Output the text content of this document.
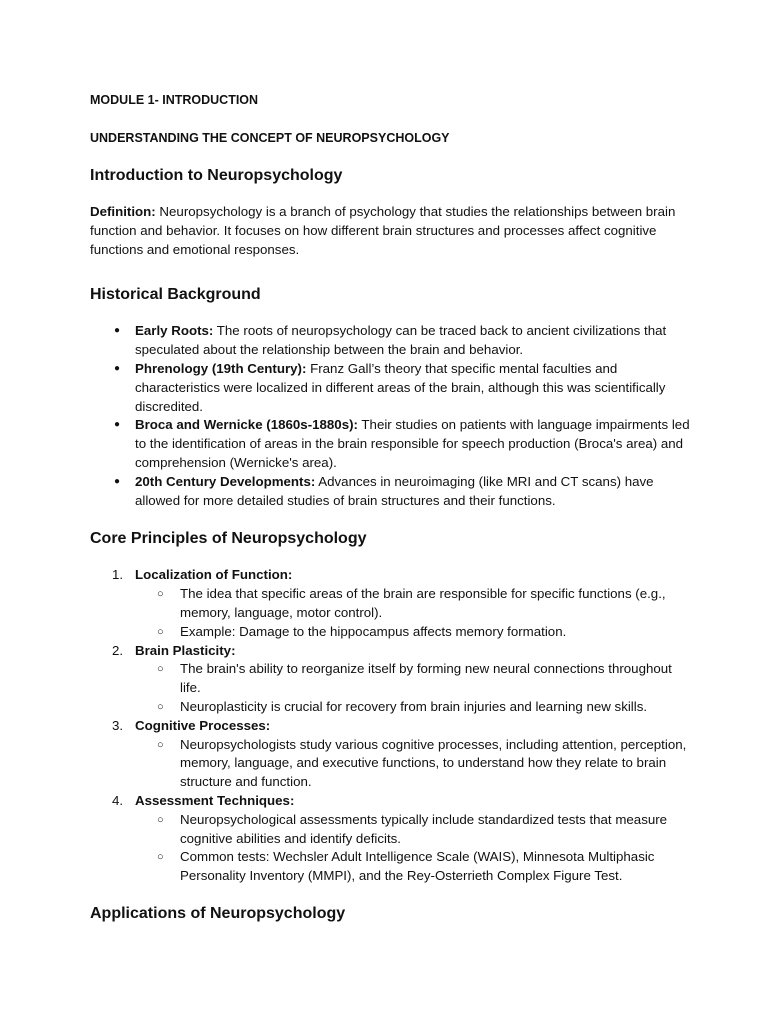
MODULE 1- INTRODUCTION

UNDERSTANDING THE CONCEPT OF NEUROPSYCHOLOGY

Introduction to Neuropsychology

Definition: Neuropsychology is a branch of psychology that studies the relationships between brain function and behavior. It focuses on how different brain structures and processes affect cognitive functions and emotional responses.

Historical Background
● Early Roots: The roots of neuropsychology can be traced back to ancient civilizations that speculated about the relationship between the brain and behavior.
● Phrenology (19th Century): Franz Gall’s theory that specific mental faculties and characteristics were localized in different areas of the brain, although this was scientifically discredited.
● Broca and Wernicke (1860s-1880s): Their studies on patients with language impairments led to the identification of areas in the brain responsible for speech production (Broca's area) and comprehension (Wernicke's area).
● 20th Century Developments: Advances in neuroimaging (like MRI and CT scans) have allowed for more detailed studies of brain structures and their functions.
Core Principles of Neuropsychology
1. Localization of Function:
○ The idea that specific areas of the brain are responsible for specific functions (e.g., memory, language, motor control).
○ Example: Damage to the hippocampus affects memory formation.
2. Brain Plasticity:
○ The brain's ability to reorganize itself by forming new neural connections throughout life.
○ Neuroplasticity is crucial for recovery from brain injuries and learning new skills.
3. Cognitive Processes:
○ Neuropsychologists study various cognitive processes, including attention, perception, memory, language, and executive functions, to understand how they relate to brain structure and function.
4. Assessment Techniques:
○ Neuropsychological assessments typically include standardized tests that measure cognitive abilities and identify deficits.
○ Common tests: Wechsler Adult Intelligence Scale (WAIS), Minnesota Multiphasic Personality Inventory (MMPI), and the Rey-Osterrieth Complex Figure Test.
Applications of Neuropsychology
